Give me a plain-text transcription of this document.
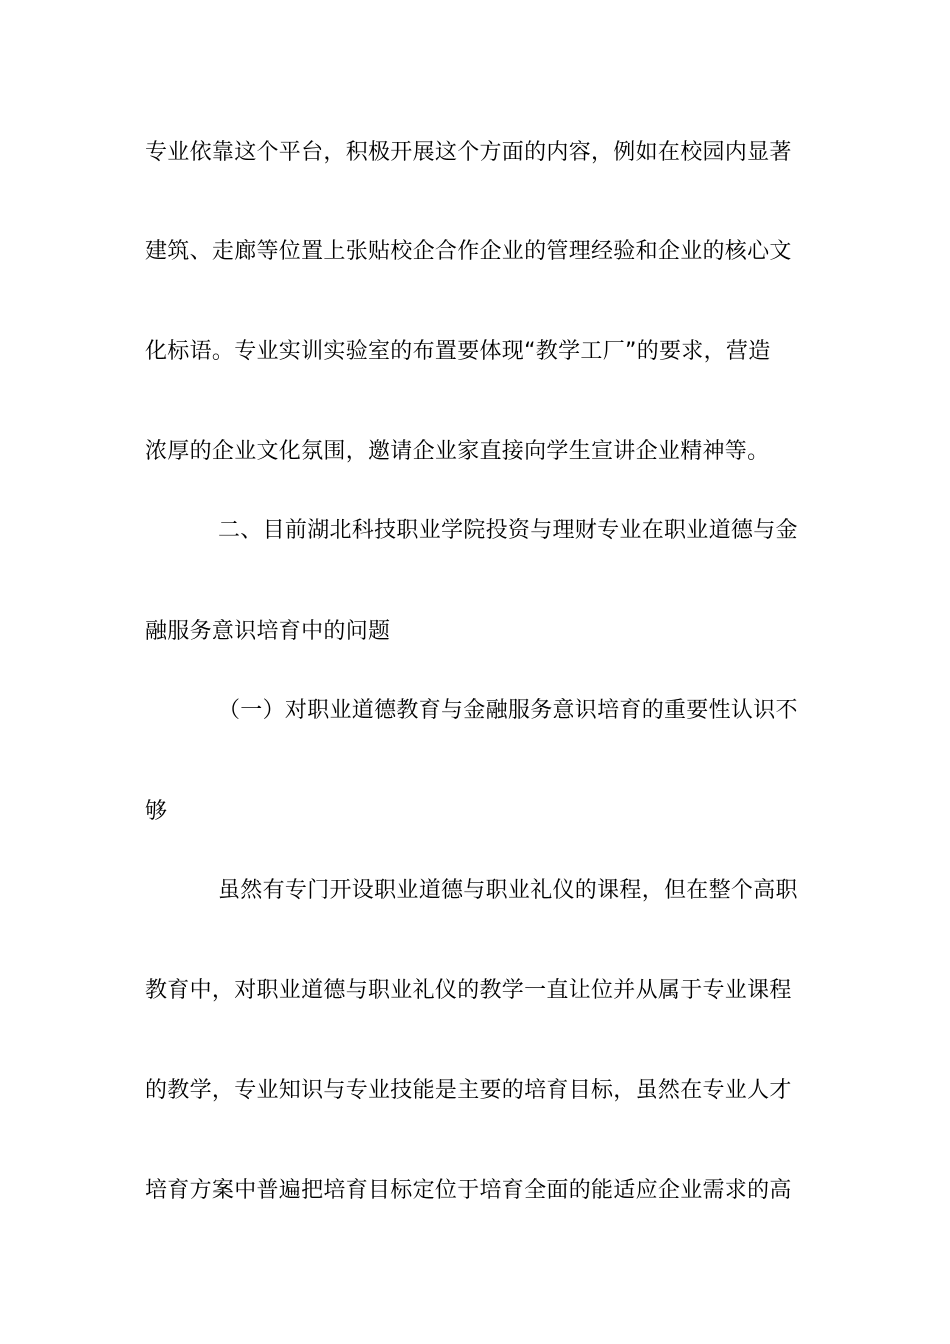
专业依靠这个平台，积极开展这个方面的内容，例如在校园内显著
建筑、走廊等位置上张贴校企合作企业的管理经验和企业的核心文
化标语。专业实训实验室的布置要体现“教学工厂”的要求，营造
浓厚的企业文化氛围，邀请企业家直接向学生宣讲企业精神等。
二、目前湖北科技职业学院投资与理财专业在职业道德与金
融服务意识培育中的问题
（一）对职业道德教育与金融服务意识培育的重要性认识不
够
虽然有专门开设职业道德与职业礼仪的课程，但在整个高职
教育中，对职业道德与职业礼仪的教学一直让位并从属于专业课程
的教学，专业知识与专业技能是主要的培育目标，虽然在专业人才
培育方案中普遍把培育目标定位于培育全面的能适应企业需求的高
